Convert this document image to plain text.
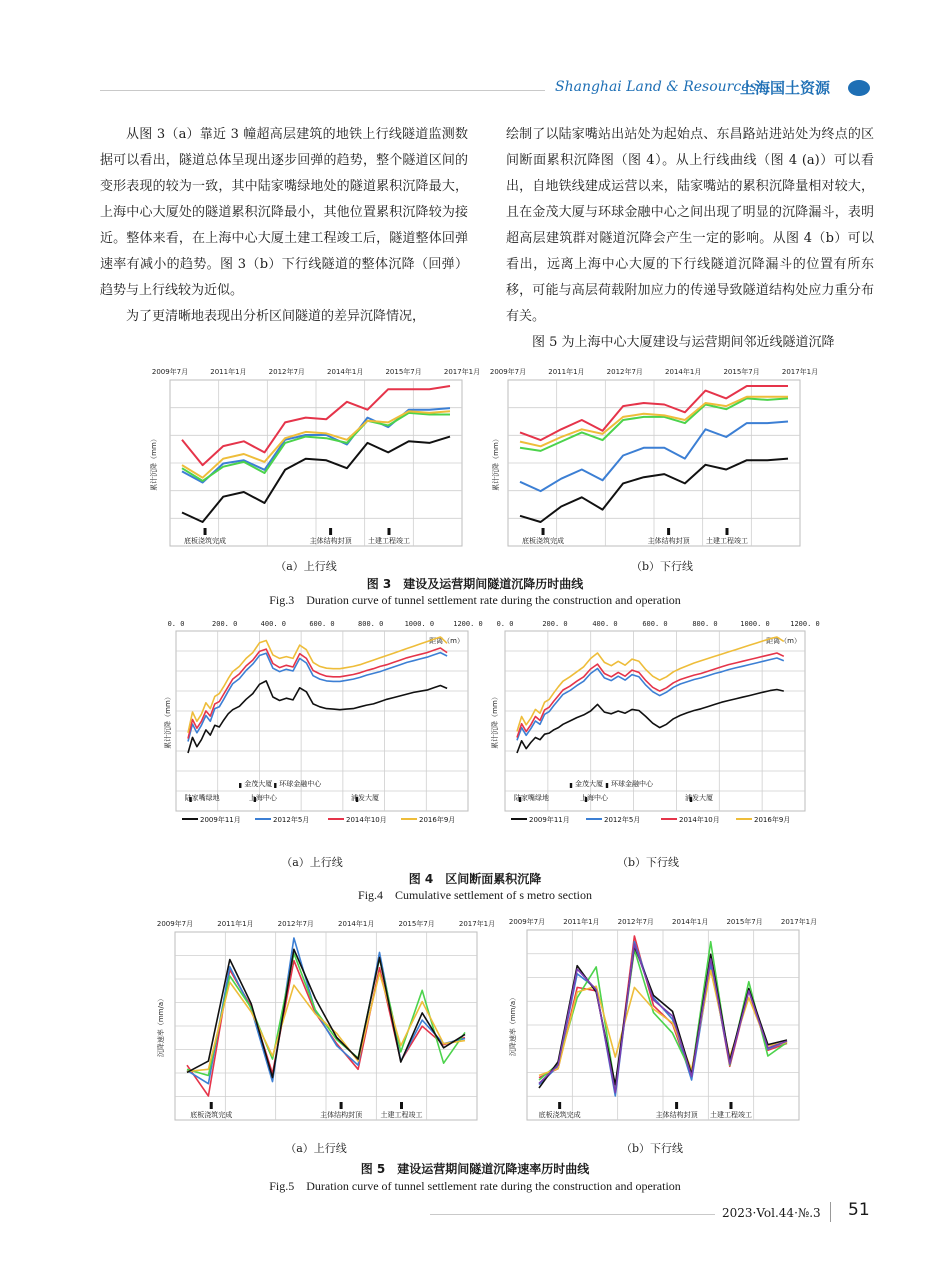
Shanghai Land & Resources
上海国土资源

从图 3（a）靠近 3 幢超高层建筑的地铁上行线隧道监测数据可以看出，隧道总体呈现出逐步回弹的趋势，整个隧道区间的变形表现的较为一致，其中陆家嘴绿地处的隧道累积沉降最大，上海中心大厦处的隧道累积沉降最小，其他位置累积沉降较为接近。整体来看，在上海中心大厦土建工程竣工后，隧道整体回弹速率有减小的趋势。图 3（b）下行线隧道的整体沉降（回弹）趋势与上行线较为近似。

为了更清晰地表现出分析区间隧道的差异沉降情况，

绘制了以陆家嘴站出站处为起始点、东昌路站进站处为终点的区间断面累积沉降图（图 4）。从上行线曲线（图 4 (a)）可以看出，自地铁线建成运营以来，陆家嘴站的累积沉降量相对较大，且在金茂大厦与环球金融中心之间出现了明显的沉降漏斗，表明超高层建筑群对隧道沉降会产生一定的影响。从图 4（b）可以看出，远离上海中心大厦的下行线隧道沉降漏斗的位置有所东移，可能与高层荷载附加应力的传递导致隧道结构处应力重分布有关。

图 5 为上海中心大厦建设与运营期间邻近线隧道沉降

2009年7月	2011年1月	2012年7月	2014年1月	2015年7月	2017年1月
累计沉降（mm）
底板浇筑完成	主体结构封顶 土建工程竣工
2009年7月	2011年1月	2012年7月	2014年1月	2015年7月	2017年1月
累计沉降（mm）
底板浇筑完成	主体结构封顶 土建工程竣工
（a）上行线	（b）下行线
图 3　建设及运营期间隧道沉降历时曲线
Fig.3　Duration curve of tunnel settlement rate during the construction and operation
0. 0	200. 0	400. 0	600. 0	800. 0	1000. 0	1200. 0
距离（m）
累计沉降（mm）
金茂大厦 环球金融中心
陆家嘴绿地	上海中心	浦发大厦
2009年11月	2012年5月	2014年10月	2016年9月
0. 0	200. 0	400. 0	600. 0	800. 0	1000. 0	1200. 0
距离（m）
累计沉降（mm）
金茂大厦 环球金融中心
陆家嘴绿地	上海中心	浦发大厦
2009年11月	2012年5月	2014年10月	2016年9月
（a）上行线	（b）下行线
图 4　区间断面累积沉降
Fig.4　Cumulative settlement of s metro section
2009年7月	2011年1月	2012年7月	2014年1月	2015年7月	2017年1月
沉降速率（mm/a）
底板浇筑完成	主体结构封顶	土建工程竣工
2009年7月	2011年1月	2012年7月	2014年1月	2015年7月	2017年1月
沉降速率（mm/a）
底板浇筑完成	主体结构封顶 土建工程竣工
（a）上行线	（b）下行线
图 5　建设运营期间隧道沉降速率历时曲线
Fig.5　Duration curve of tunnel settlement rate during the construction and operation
2023·Vol.44·№.3 51
